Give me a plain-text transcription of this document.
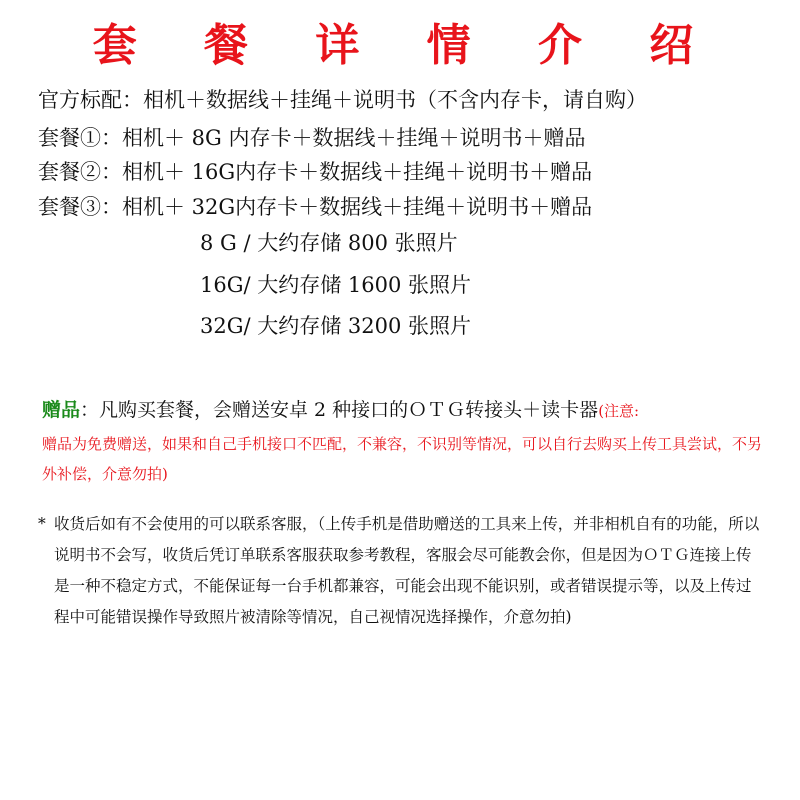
套 餐 详 情 介 绍
官方标配：相机＋数据线＋挂绳＋说明书（不含内存卡，请自购）
套餐①：相机＋ 8G 内存卡＋数据线＋挂绳＋说明书＋赠品
套餐②：相机＋ 16G内存卡＋数据线＋挂绳＋说明书＋赠品
套餐③：相机＋ 32G内存卡＋数据线＋挂绳＋说明书＋赠品
8 G / 大约存储 800 张照片
16G/ 大约存储 1600 张照片
32G/ 大约存储 3200 张照片
赠品：凡购买套餐，会赠送安卓 2 种接口的ＯＴＧ转接头＋读卡器(注意:
赠品为免费赠送，如果和自己手机接口不匹配，不兼容，不识别等情况，可以自行去购买上传工具尝试，不另外补偿，介意勿拍)
* 收货后如有不会使用的可以联系客服，（上传手机是借助赠送的工具来上传，并非相机自有的功能，所以说明书不会写，收货后凭订单联系客服获取参考教程，客服会尽可能教会你，但是因为ＯＴＧ连接上传是一种不稳定方式，不能保证每一台手机都兼容，可能会出现不能识别，或者错误提示等，以及上传过程中可能错误操作导致照片被清除等情况，自己视情况选择操作，介意勿拍)
